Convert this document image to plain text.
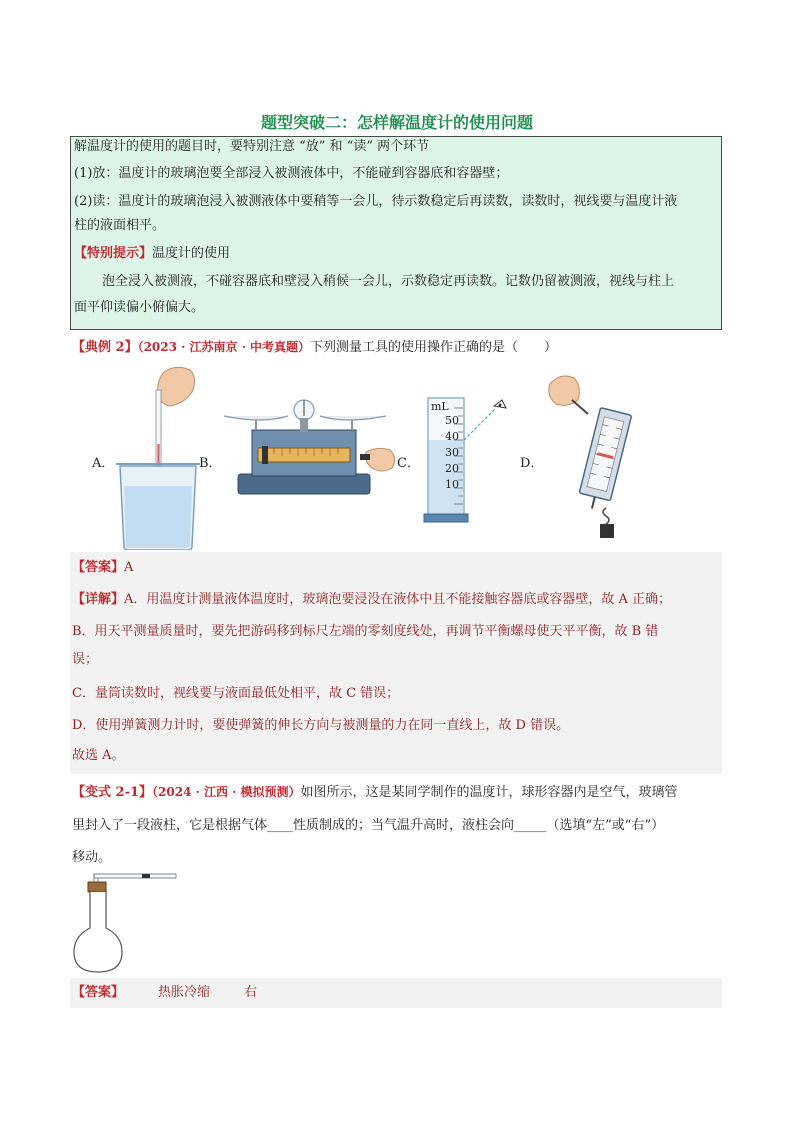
题型突破二：怎样解温度计的使用问题
解温度计的使用的题目时，要特别注意 “放” 和 “读” 两个环节
(1)放：温度计的玻璃泡要全部浸入被测液体中，不能碰到容器底和容器壁；
(2)读：温度计的玻璃泡浸入被测液体中要稍等一会儿，待示数稳定后再读数，读数时，视线要与温度计液
柱的液面相平。
【特别提示】温度计的使用
泡全浸入被测液，不碰容器底和壁浸入稍候一会儿，示数稳定再读数。记数仍留被测液，视线与柱上
面平仰读偏小俯偏大。
【典例 2】（2023 · 江苏南京 · 中考真题）下列测量工具的使用操作正确的是（　　）
A．	B．	C．	D．
mL
50
40
30
20
10
【答案】A
【详解】A．用温度计测量液体温度时，玻璃泡要浸没在液体中且不能接触容器底或容器壁，故 A 正确；
B．用天平测量质量时，要先把游码移到标尺左端的零刻度线处，再调节平衡螺母使天平平衡，故 B 错
误；
C．量筒读数时，视线要与液面最低处相平，故 C 错误；
D．使用弹簧测力计时，要使弹簧的伸长方向与被测量的力在同一直线上，故 D 错误。
故选 A。
【变式 2-1】（2024 · 江西 · 模拟预测）如图所示，这是某同学制作的温度计，球形容器内是空气，玻璃管
里封入了一段液柱，它是根据气体____性质制成的；当气温升高时，液柱会向_____（选填“左”或“右”）
移动。
【答案】	热胀冷缩	右
